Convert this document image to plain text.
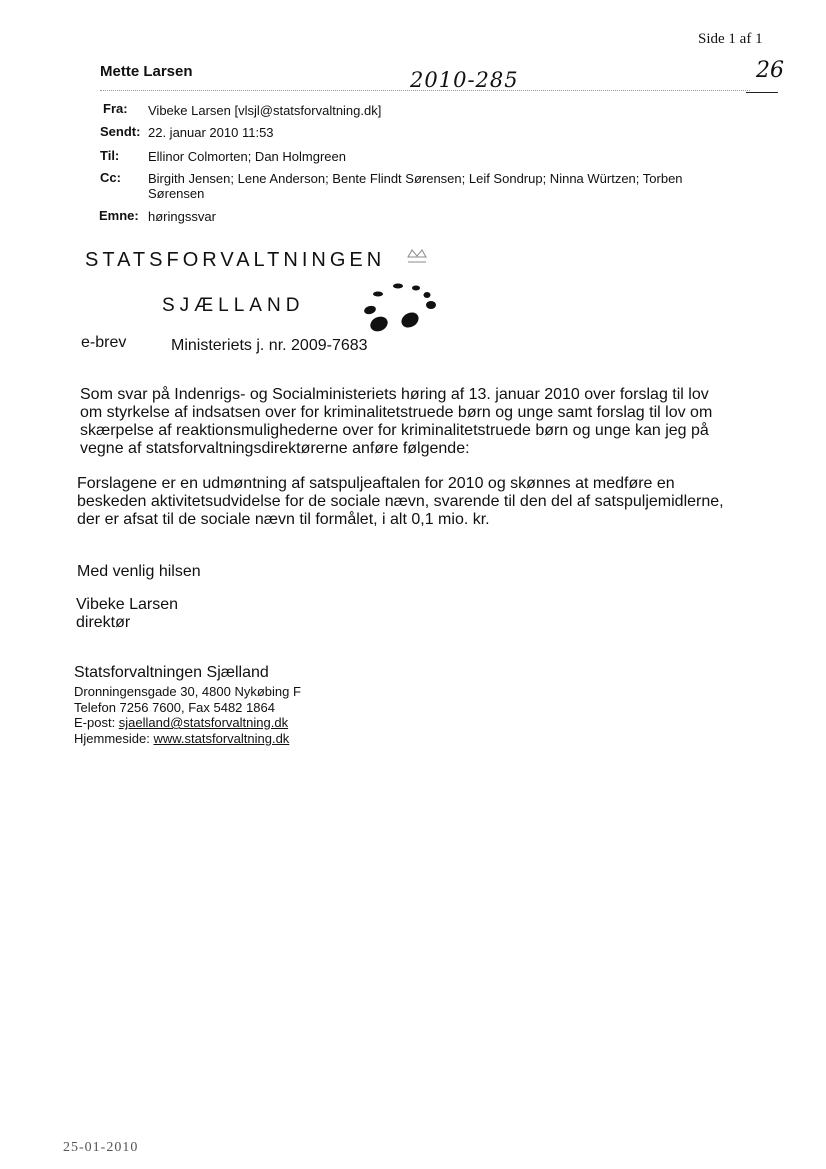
Side 1 af 1
26
2010-285
Mette Larsen
Fra: Vibeke Larsen [vlsjl@statsforvaltning.dk]
Sendt: 22. januar 2010 11:53
Til: Ellinor Colmorten; Dan Holmgreen
Cc: Birgith Jensen; Lene Anderson; Bente Flindt Sørensen; Leif Sondrup; Ninna Würtzen; Torben
Sørensen
Emne: høringssvar
STATSFORVALTNINGEN
SJÆLLAND
e-brev	Ministeriets j. nr. 2009-7683
Som svar på Indenrigs- og Socialministeriets høring af 13. januar 2010 over forslag til lov
om styrkelse af indsatsen over for kriminalitetstruede børn og unge samt forslag til lov om
skærpelse af reaktionsmulighederne over for kriminalitetstruede børn og unge kan jeg på
vegne af statsforvaltningsdirektørerne anføre følgende:
Forslagene er en udmøntning af satspuljeaftalen for 2010 og skønnes at medføre en
beskeden aktivitetsudvidelse for de sociale nævn, svarende til den del af satspuljemidlerne,
der er afsat til de sociale nævn til formålet, i alt 0,1 mio. kr.
Med venlig hilsen
Vibeke Larsen
direktør
Statsforvaltningen Sjælland
Dronningensgade 30, 4800 Nykøbing F
Telefon 7256 7600, Fax 5482 1864
E-post: sjaelland@statsforvaltning.dk
Hjemmeside: www.statsforvaltning.dk
25-01-2010
